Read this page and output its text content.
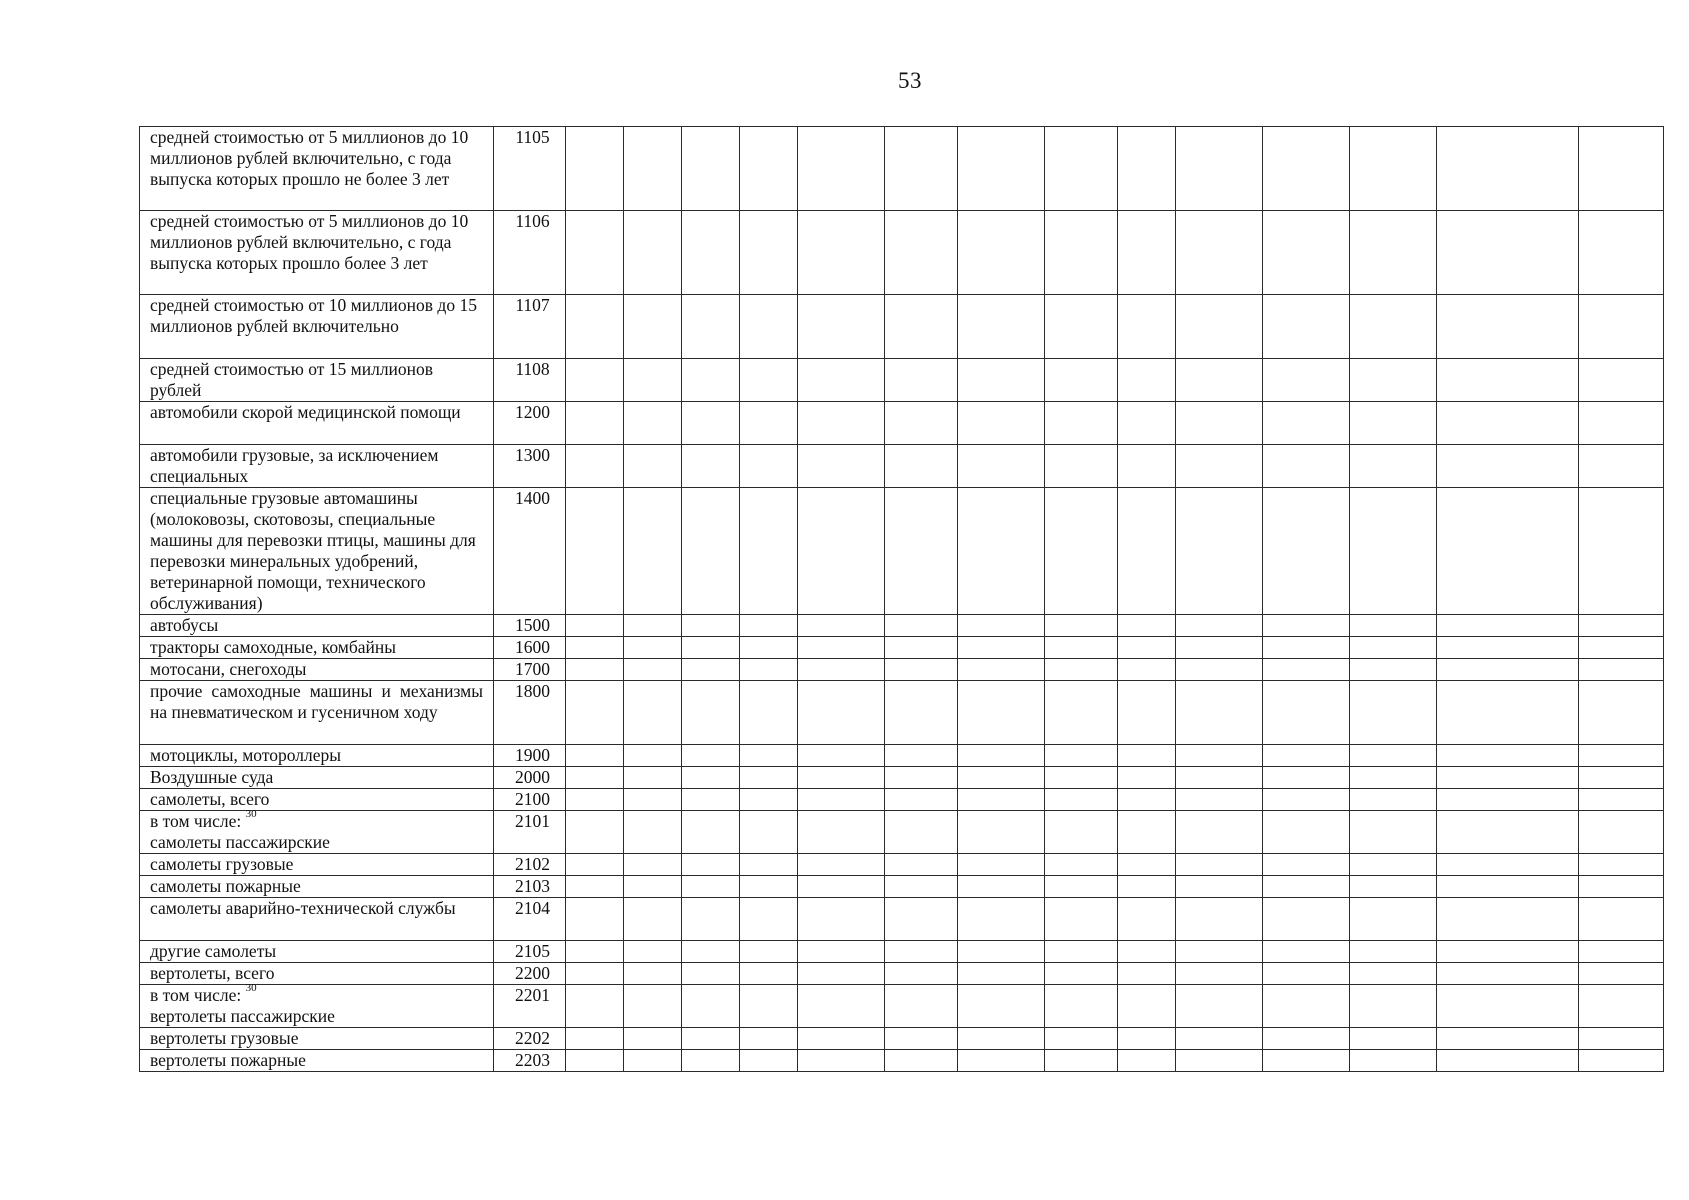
53
средней стоимостью от 5 миллионов до 10 миллионов рублей включительно, с года выпуска которых прошло не более 3 лет	1105														
средней стоимостью от 5 миллионов до 10 миллионов рублей включительно, с года выпуска которых прошло более 3 лет	1106														
средней стоимостью от 10 миллионов до 15 миллионов рублей включительно	1107														
средней стоимостью от 15 миллионов рублей	1108														
автомобили скорой медицинской помощи	1200														
автомобили грузовые, за исключением специальных	1300														
специальные грузовые автомашины (молоковозы, скотовозы, специальные машины для перевозки птицы, машины для перевозки минеральных удобрений, ветеринарной помощи, технического обслуживания)	1400														
автобусы	1500														
тракторы самоходные, комбайны	1600														
мотосани, снегоходы	1700														
прочие самоходные машины и механизмы на пневматическом и гусеничном ходу	1800														
мотоциклы, мотороллеры	1900														
Воздушные суда	2000														
самолеты, всего	2100														
в том числе: $^{30}$
самолеты пассажирские	2101														
самолеты грузовые	2102														
самолеты пожарные	2103														
самолеты аварийно-технической службы	2104														
другие самолеты	2105														
вертолеты, всего	2200														
в том числе: $^{30}$
вертолеты пассажирские	2201														
вертолеты грузовые	2202														
вертолеты пожарные	2203														
